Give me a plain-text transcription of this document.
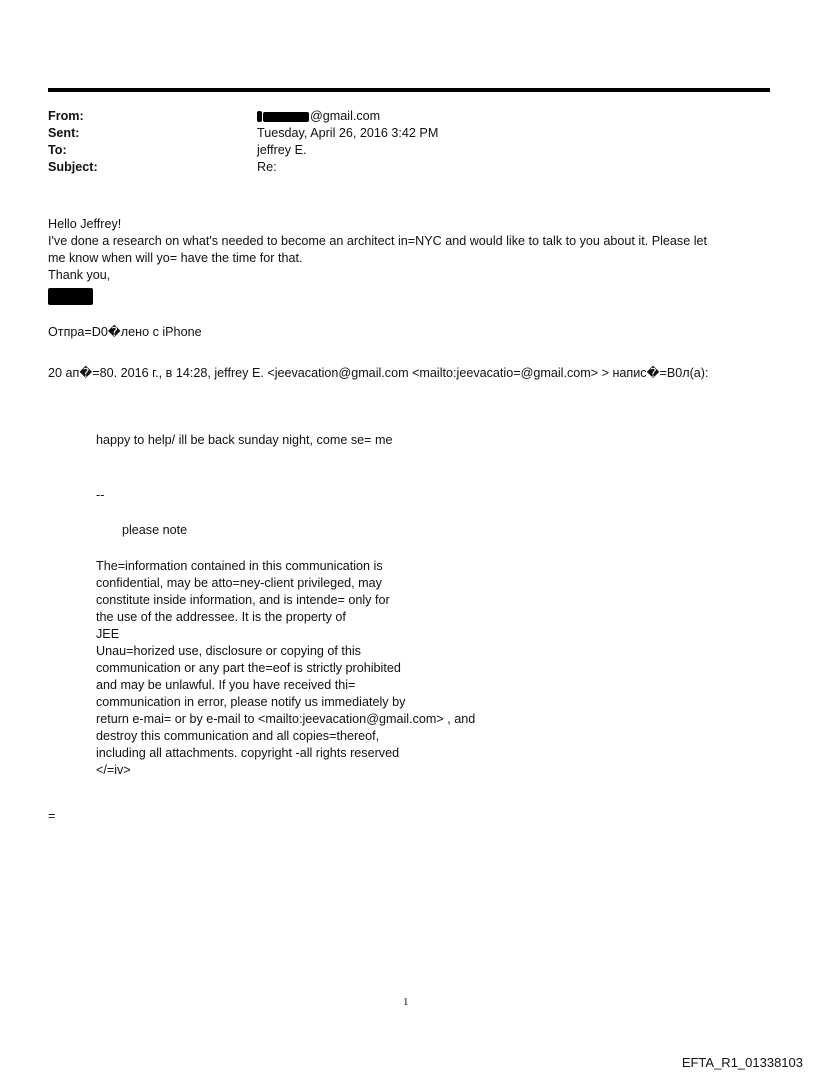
From:	@gmail.com
Sent:	Tuesday, April 26, 2016 3:42 PM
To:	jeffrey E.
Subject:	Re:
Hello Jeffrey!
I've done a research on what's needed to become an architect in=NYC and would like to talk to you about it. Please let
me know when will yo= have the time for that.
Thank you,
Отпра=D0�лено с iPhone
20 ап�=80. 2016 г., в 14:28, jeffrey E. <jeevacation@gmail.com <mailto:jeevacatio=@gmail.com> > напис�=B0л(а):
happy to help/ ill be back sunday night, come se= me
--
please note
The=information contained in this communication is
confidential, may be atto=ney-client privileged, may
constitute inside information, and is intende= only for
the use of the addressee. It is the property of
JEE
Unau=horized use, disclosure or copying of this
communication or any part the=eof is strictly prohibited
and may be unlawful. If you have received thi=
communication in error, please notify us immediately by
return e-mai= or by e-mail to <mailto:jeevacation@gmail.com> , and
destroy this communication and all copies=thereof,
including all attachments. copyright -all rights reserved
</=iv>
=
1
EFTA_R1_01338103
